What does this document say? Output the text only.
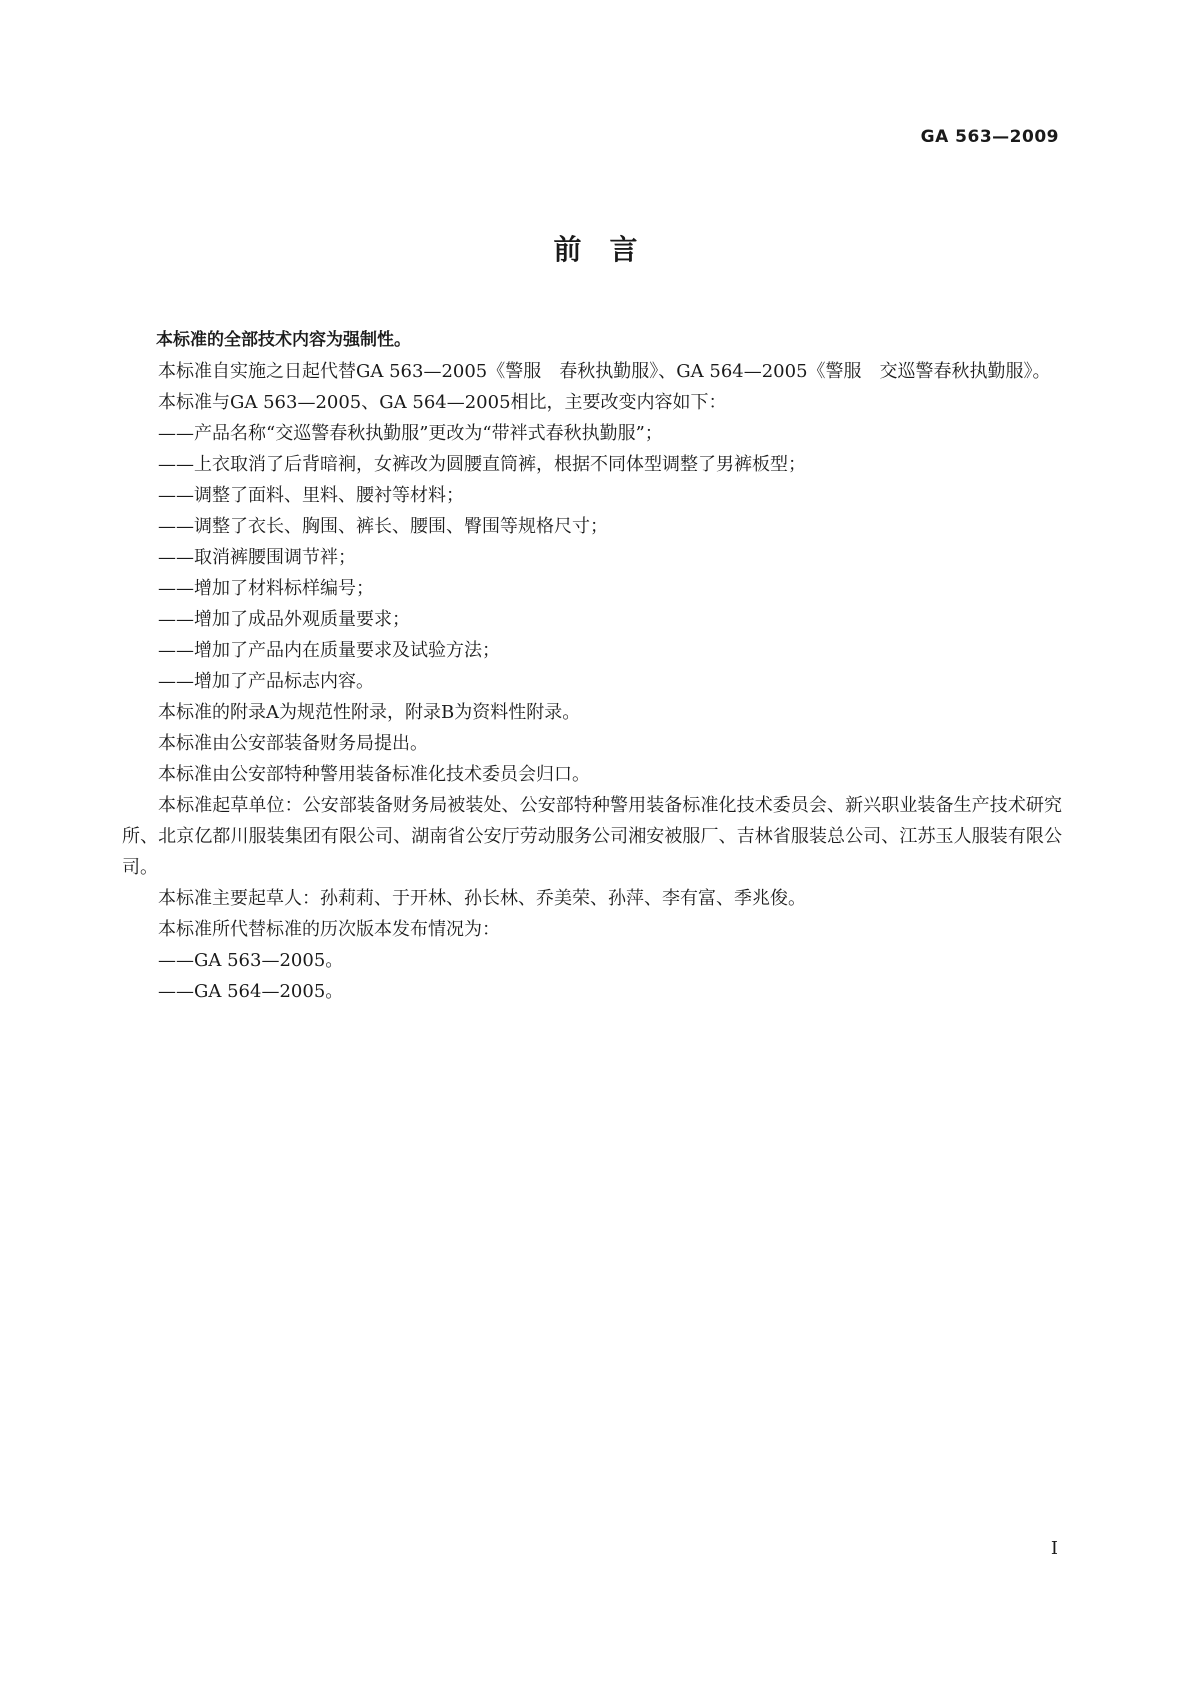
GA 563—2009
前　言

本标准的全部技术内容为强制性。

本标准自实施之日起代替GA 563—2005《警服　春秋执勤服》、GA 564—2005《警服　交巡警春秋执勤服》。

本标准与GA 563—2005、GA 564—2005相比，主要改变内容如下：

——产品名称“交巡警春秋执勤服”更改为“带袢式春秋执勤服”；

——上衣取消了后背暗裥，女裤改为圆腰直筒裤，根据不同体型调整了男裤板型；

——调整了面料、里料、腰衬等材料；

——调整了衣长、胸围、裤长、腰围、臀围等规格尺寸；

——取消裤腰围调节袢；

——增加了材料标样编号；

——增加了成品外观质量要求；

——增加了产品内在质量要求及试验方法；

——增加了产品标志内容。

本标准的附录A为规范性附录，附录B为资料性附录。

本标准由公安部装备财务局提出。

本标准由公安部特种警用装备标准化技术委员会归口。

本标准起草单位：公安部装备财务局被装处、公安部特种警用装备标准化技术委员会、新兴职业装备生产技术研究所、北京亿都川服装集团有限公司、湖南省公安厅劳动服务公司湘安被服厂、吉林省服装总公司、江苏玉人服装有限公司。

本标准主要起草人：孙莉莉、于开林、孙长林、乔美荣、孙萍、李有富、季兆俊。

本标准所代替标准的历次版本发布情况为：

——GA 563—2005。

——GA 564—2005。

I
